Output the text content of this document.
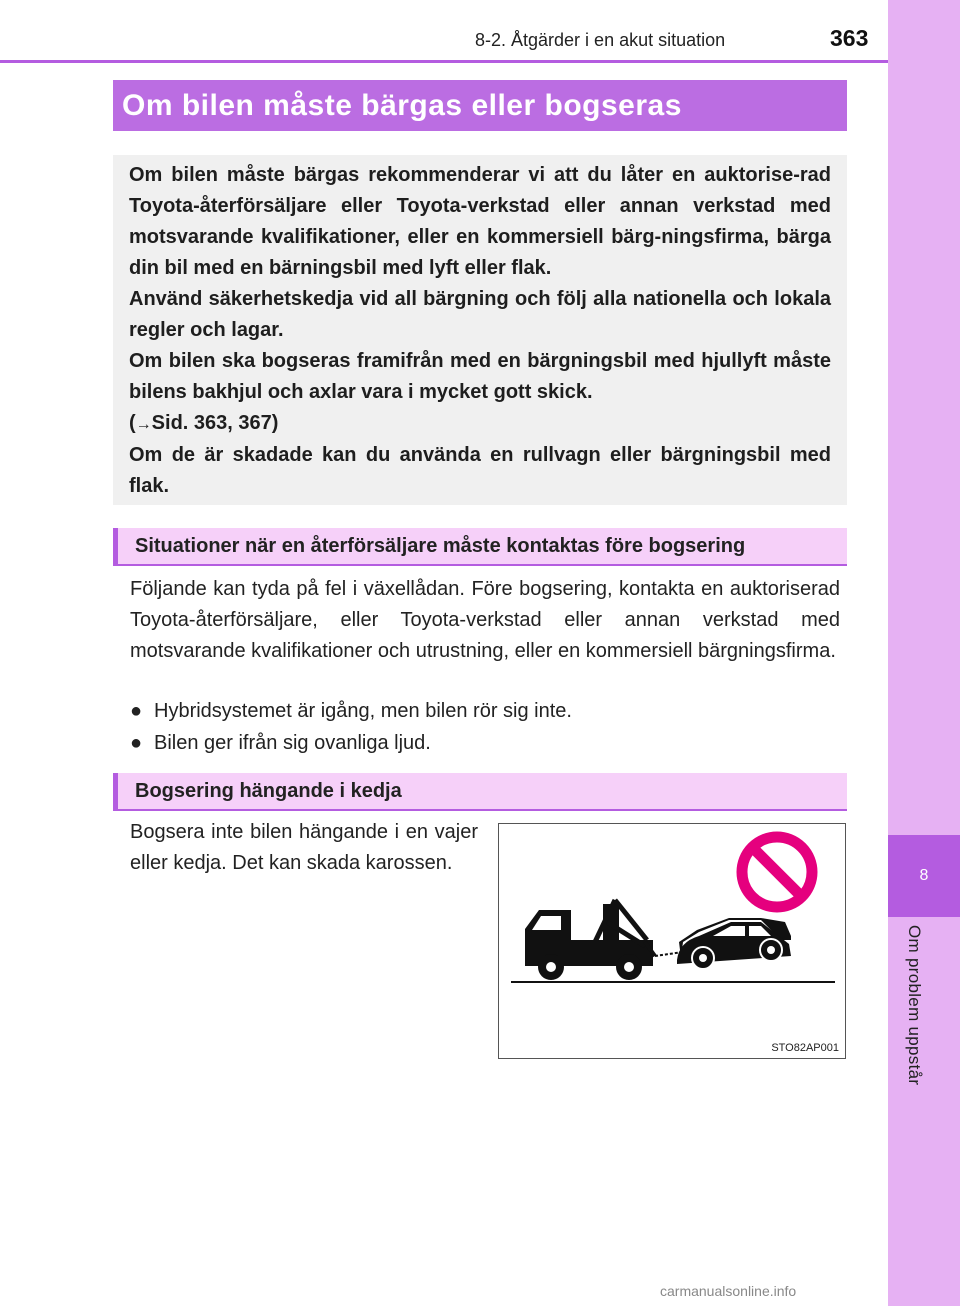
8
Om problem uppstår
8-2. Åtgärder i en akut situation	363
Om bilen måste bärgas eller bogseras

Om bilen måste bärgas rekommenderar vi att du låter en auktorise-rad Toyota-återförsäljare eller Toyota-verkstad eller annan verkstad med motsvarande kvalifikationer, eller en kommersiell bärg-ningsfirma, bärga din bil med en bärningsbil med lyft eller flak.

Använd säkerhetskedja vid all bärgning och följ alla nationella och lokala regler och lagar.

Om bilen ska bogseras framifrån med en bärgningsbil med hjullyft måste bilens bakhjul och axlar vara i mycket gott skick.

(→Sid. 363, 367)

Om de är skadade kan du använda en rullvagn eller bärgningsbil med flak.

Situationer när en återförsäljare måste kontaktas före bogsering

Följande kan tyda på fel i växellådan. Före bogsering, kontakta en auktoriserad Toyota-återförsäljare, eller Toyota-verkstad eller annan verkstad med motsvarande kvalifikationer och utrustning, eller en kommersiell bärgningsfirma.

● Hybridsystemet är igång, men bilen rör sig inte.
● Bilen ger ifrån sig ovanliga ljud.
Bogsering hängande i kedja

Bogsera inte bilen hängande i en vajer eller kedja. Det kan skada karossen.

STO82AP001
carmanualsonline.info
